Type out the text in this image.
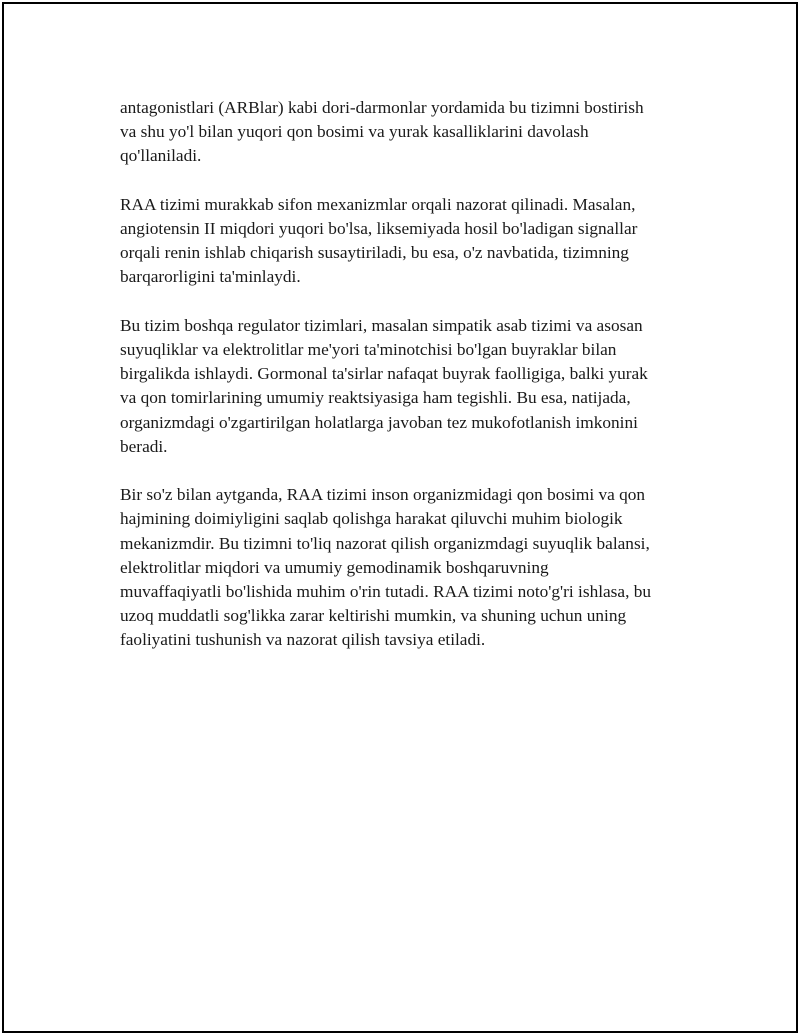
antagonistlari (ARBlar) kabi dori-darmonlar yordamida bu tizimni bostirish
va shu yo'l bilan yuqori qon bosimi va yurak kasalliklarini davolash
qo'llaniladi.

RAA tizimi murakkab sifon mexanizmlar orqali nazorat qilinadi. Masalan,
angiotensin II miqdori yuqori bo'lsa, liksemiyada hosil bo'ladigan signallar
orqali renin ishlab chiqarish susaytiriladi, bu esa, o'z navbatida, tizimning
barqarorligini ta'minlaydi.

Bu tizim boshqa regulator tizimlari, masalan simpatik asab tizimi va asosan
suyuqliklar va elektrolitlar me'yori ta'minotchisi bo'lgan buyraklar bilan
birgalikda ishlaydi. Gormonal ta'sirlar nafaqat buyrak faolligiga, balki yurak
va qon tomirlarining umumiy reaktsiyasiga ham tegishli. Bu esa, natijada,
organizmdagi o'zgartirilgan holatlarga javoban tez mukofotlanish imkonini
beradi.

Bir so'z bilan aytganda, RAA tizimi inson organizmidagi qon bosimi va qon
hajmining doimiyligini saqlab qolishga harakat qiluvchi muhim biologik
mekanizmdir. Bu tizimni to'liq nazorat qilish organizmdagi suyuqlik balansi,
elektrolitlar miqdori va umumiy gemodinamik boshqaruvning
muvaffaqiyatli bo'lishida muhim o'rin tutadi. RAA tizimi noto'g'ri ishlasa, bu
uzoq muddatli sog'likka zarar keltirishi mumkin, va shuning uchun uning
faoliyatini tushunish va nazorat qilish tavsiya etiladi.
